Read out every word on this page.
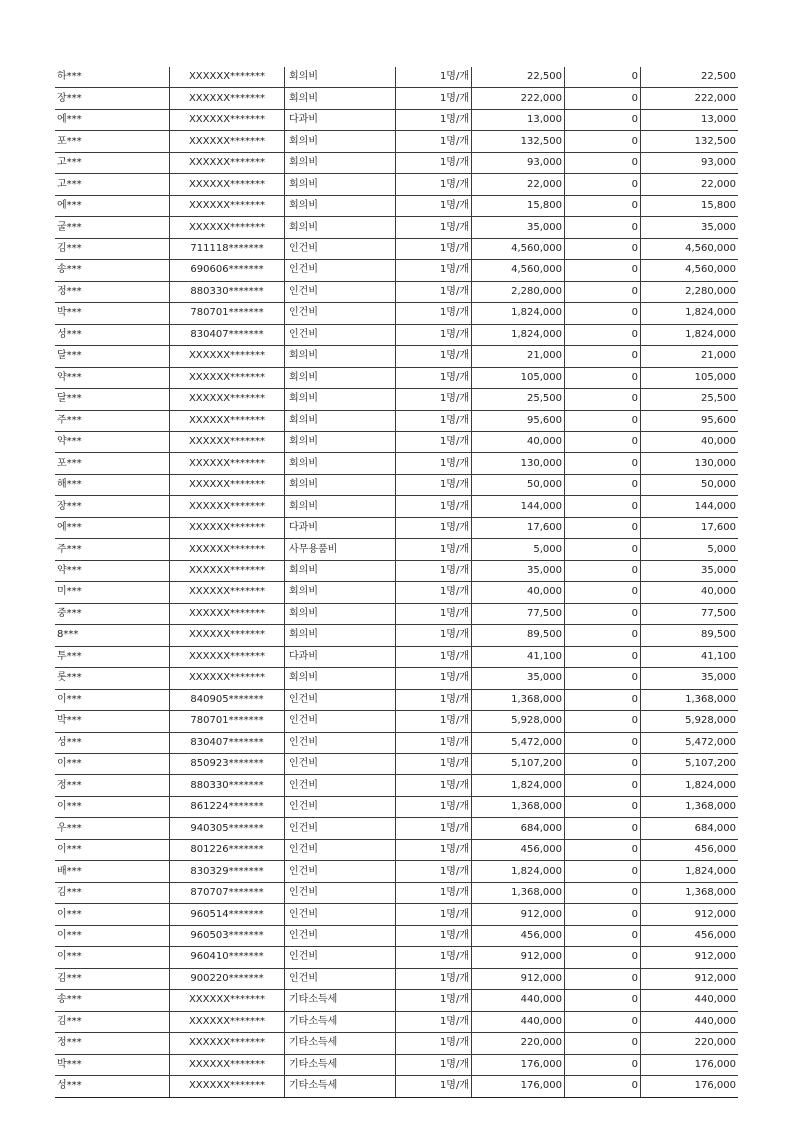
하***	XXXXXX*******	회의비	1명/개	22,500	0	22,500
장***	XXXXXX*******	회의비	1명/개	222,000	0	222,000
에***	XXXXXX*******	다과비	1명/개	13,000	0	13,000
포***	XXXXXX*******	회의비	1명/개	132,500	0	132,500
고***	XXXXXX*******	회의비	1명/개	93,000	0	93,000
고***	XXXXXX*******	회의비	1명/개	22,000	0	22,000
에***	XXXXXX*******	회의비	1명/개	15,800	0	15,800
굴***	XXXXXX*******	회의비	1명/개	35,000	0	35,000
김***	711118*******	인건비	1명/개	4,560,000	0	4,560,000
송***	690606*******	인건비	1명/개	4,560,000	0	4,560,000
정***	880330*******	인건비	1명/개	2,280,000	0	2,280,000
박***	780701*******	인건비	1명/개	1,824,000	0	1,824,000
성***	830407*******	인건비	1명/개	1,824,000	0	1,824,000
달***	XXXXXX*******	회의비	1명/개	21,000	0	21,000
약***	XXXXXX*******	회의비	1명/개	105,000	0	105,000
달***	XXXXXX*******	회의비	1명/개	25,500	0	25,500
주***	XXXXXX*******	회의비	1명/개	95,600	0	95,600
약***	XXXXXX*******	회의비	1명/개	40,000	0	40,000
포***	XXXXXX*******	회의비	1명/개	130,000	0	130,000
해***	XXXXXX*******	회의비	1명/개	50,000	0	50,000
장***	XXXXXX*******	회의비	1명/개	144,000	0	144,000
에***	XXXXXX*******	다과비	1명/개	17,600	0	17,600
주***	XXXXXX*******	사무용품비	1명/개	5,000	0	5,000
약***	XXXXXX*******	회의비	1명/개	35,000	0	35,000
미***	XXXXXX*******	회의비	1명/개	40,000	0	40,000
중***	XXXXXX*******	회의비	1명/개	77,500	0	77,500
8***	XXXXXX*******	회의비	1명/개	89,500	0	89,500
투***	XXXXXX*******	다과비	1명/개	41,100	0	41,100
롯***	XXXXXX*******	회의비	1명/개	35,000	0	35,000
이***	840905*******	인건비	1명/개	1,368,000	0	1,368,000
박***	780701*******	인건비	1명/개	5,928,000	0	5,928,000
성***	830407*******	인건비	1명/개	5,472,000	0	5,472,000
이***	850923*******	인건비	1명/개	5,107,200	0	5,107,200
정***	880330*******	인건비	1명/개	1,824,000	0	1,824,000
이***	861224*******	인건비	1명/개	1,368,000	0	1,368,000
우***	940305*******	인건비	1명/개	684,000	0	684,000
이***	801226*******	인건비	1명/개	456,000	0	456,000
배***	830329*******	인건비	1명/개	1,824,000	0	1,824,000
김***	870707*******	인건비	1명/개	1,368,000	0	1,368,000
이***	960514*******	인건비	1명/개	912,000	0	912,000
이***	960503*******	인건비	1명/개	456,000	0	456,000
이***	960410*******	인건비	1명/개	912,000	0	912,000
김***	900220*******	인건비	1명/개	912,000	0	912,000
송***	XXXXXX*******	기타소득세	1명/개	440,000	0	440,000
김***	XXXXXX*******	기타소득세	1명/개	440,000	0	440,000
정***	XXXXXX*******	기타소득세	1명/개	220,000	0	220,000
박***	XXXXXX*******	기타소득세	1명/개	176,000	0	176,000
성***	XXXXXX*******	기타소득세	1명/개	176,000	0	176,000
